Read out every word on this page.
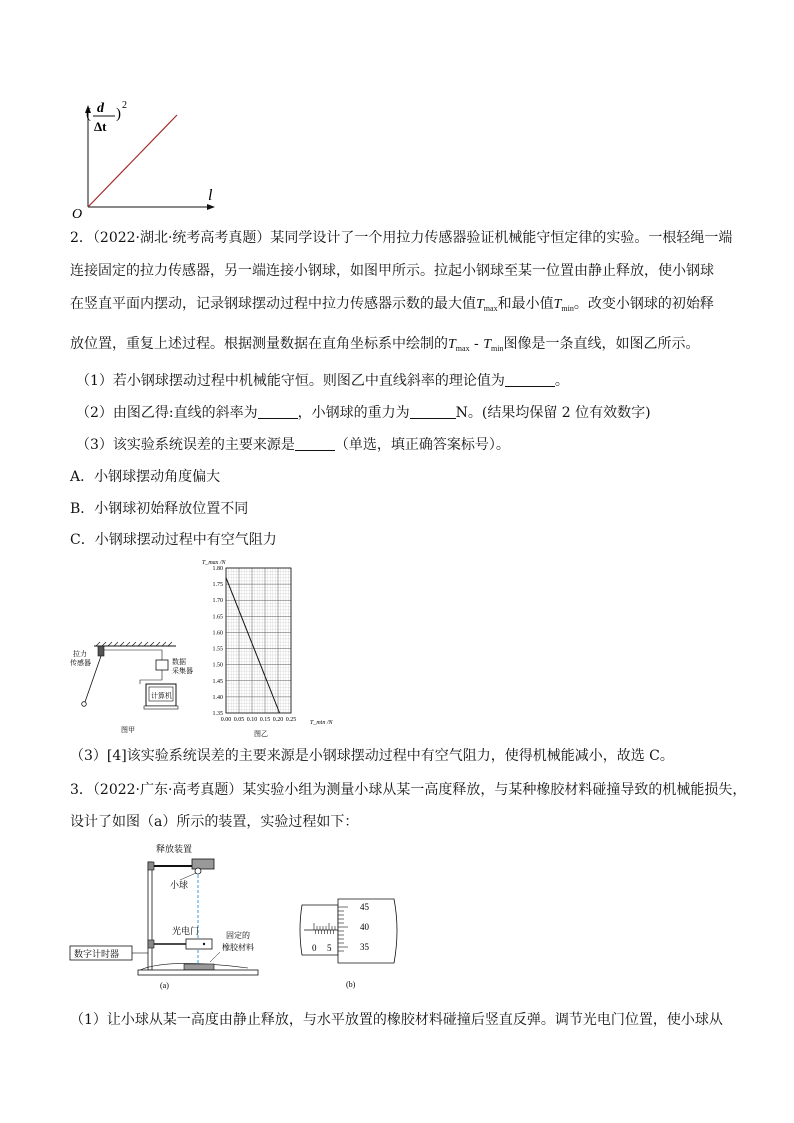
( d
Δt
)
2
l
O
2．（2022·湖北·统考高考真题）某同学设计了一个用拉力传感器验证机械能守恒定律的实验。一根轻绳一端
连接固定的拉力传感器，另一端连接小钢球，如图甲所示。拉起小钢球至某一位置由静止释放，使小钢球
在竖直平面内摆动，记录钢球摆动过程中拉力传感器示数的最大值$T_{max}$和最小值$T_{min}$。改变小钢球的初始释
放位置，重复上述过程。根据测量数据在直角坐标系中绘制的$T_{max} - T_{min}$图像是一条直线，如图乙所示。
（1）若小钢球摆动过程中机械能守恒。则图乙中直线斜率的理论值为	。
（2）由图乙得:直线的斜率为	，小钢球的重力为	N。(结果均保留 2 位有效数字)
（3）该实验系统误差的主要来源是	（单选，填正确答案标号）。
A．小钢球摆动角度偏大
B．小钢球初始释放位置不同
C．小钢球摆动过程中有空气阻力
数据
采集器
计算机
拉力
传感器
图甲
1.80
1.75
1.70
1.65
1.60
1.55
1.50
1.45
1.40
1.35
0.00 0.05 0.10 0.15 0.20 0.25
T_max /N
T_min /N
图乙
（3）[4]该实验系统误差的主要来源是小钢球摆动过程中有空气阻力，使得机械能减小，故选 C。
3．（2022·广东·高考真题）某实验小组为测量小球从某一高度释放，与某种橡胶材料碰撞导致的机械能损失，
设计了如图（a）所示的装置，实验过程如下：
释放装置
小球
光电门	固定的
橡胶材料
数字计时器
(a)
0 5
45
40
35
(b)
（1）让小球从某一高度由静止释放，与水平放置的橡胶材料碰撞后竖直反弹。调节光电门位置，使小球从
